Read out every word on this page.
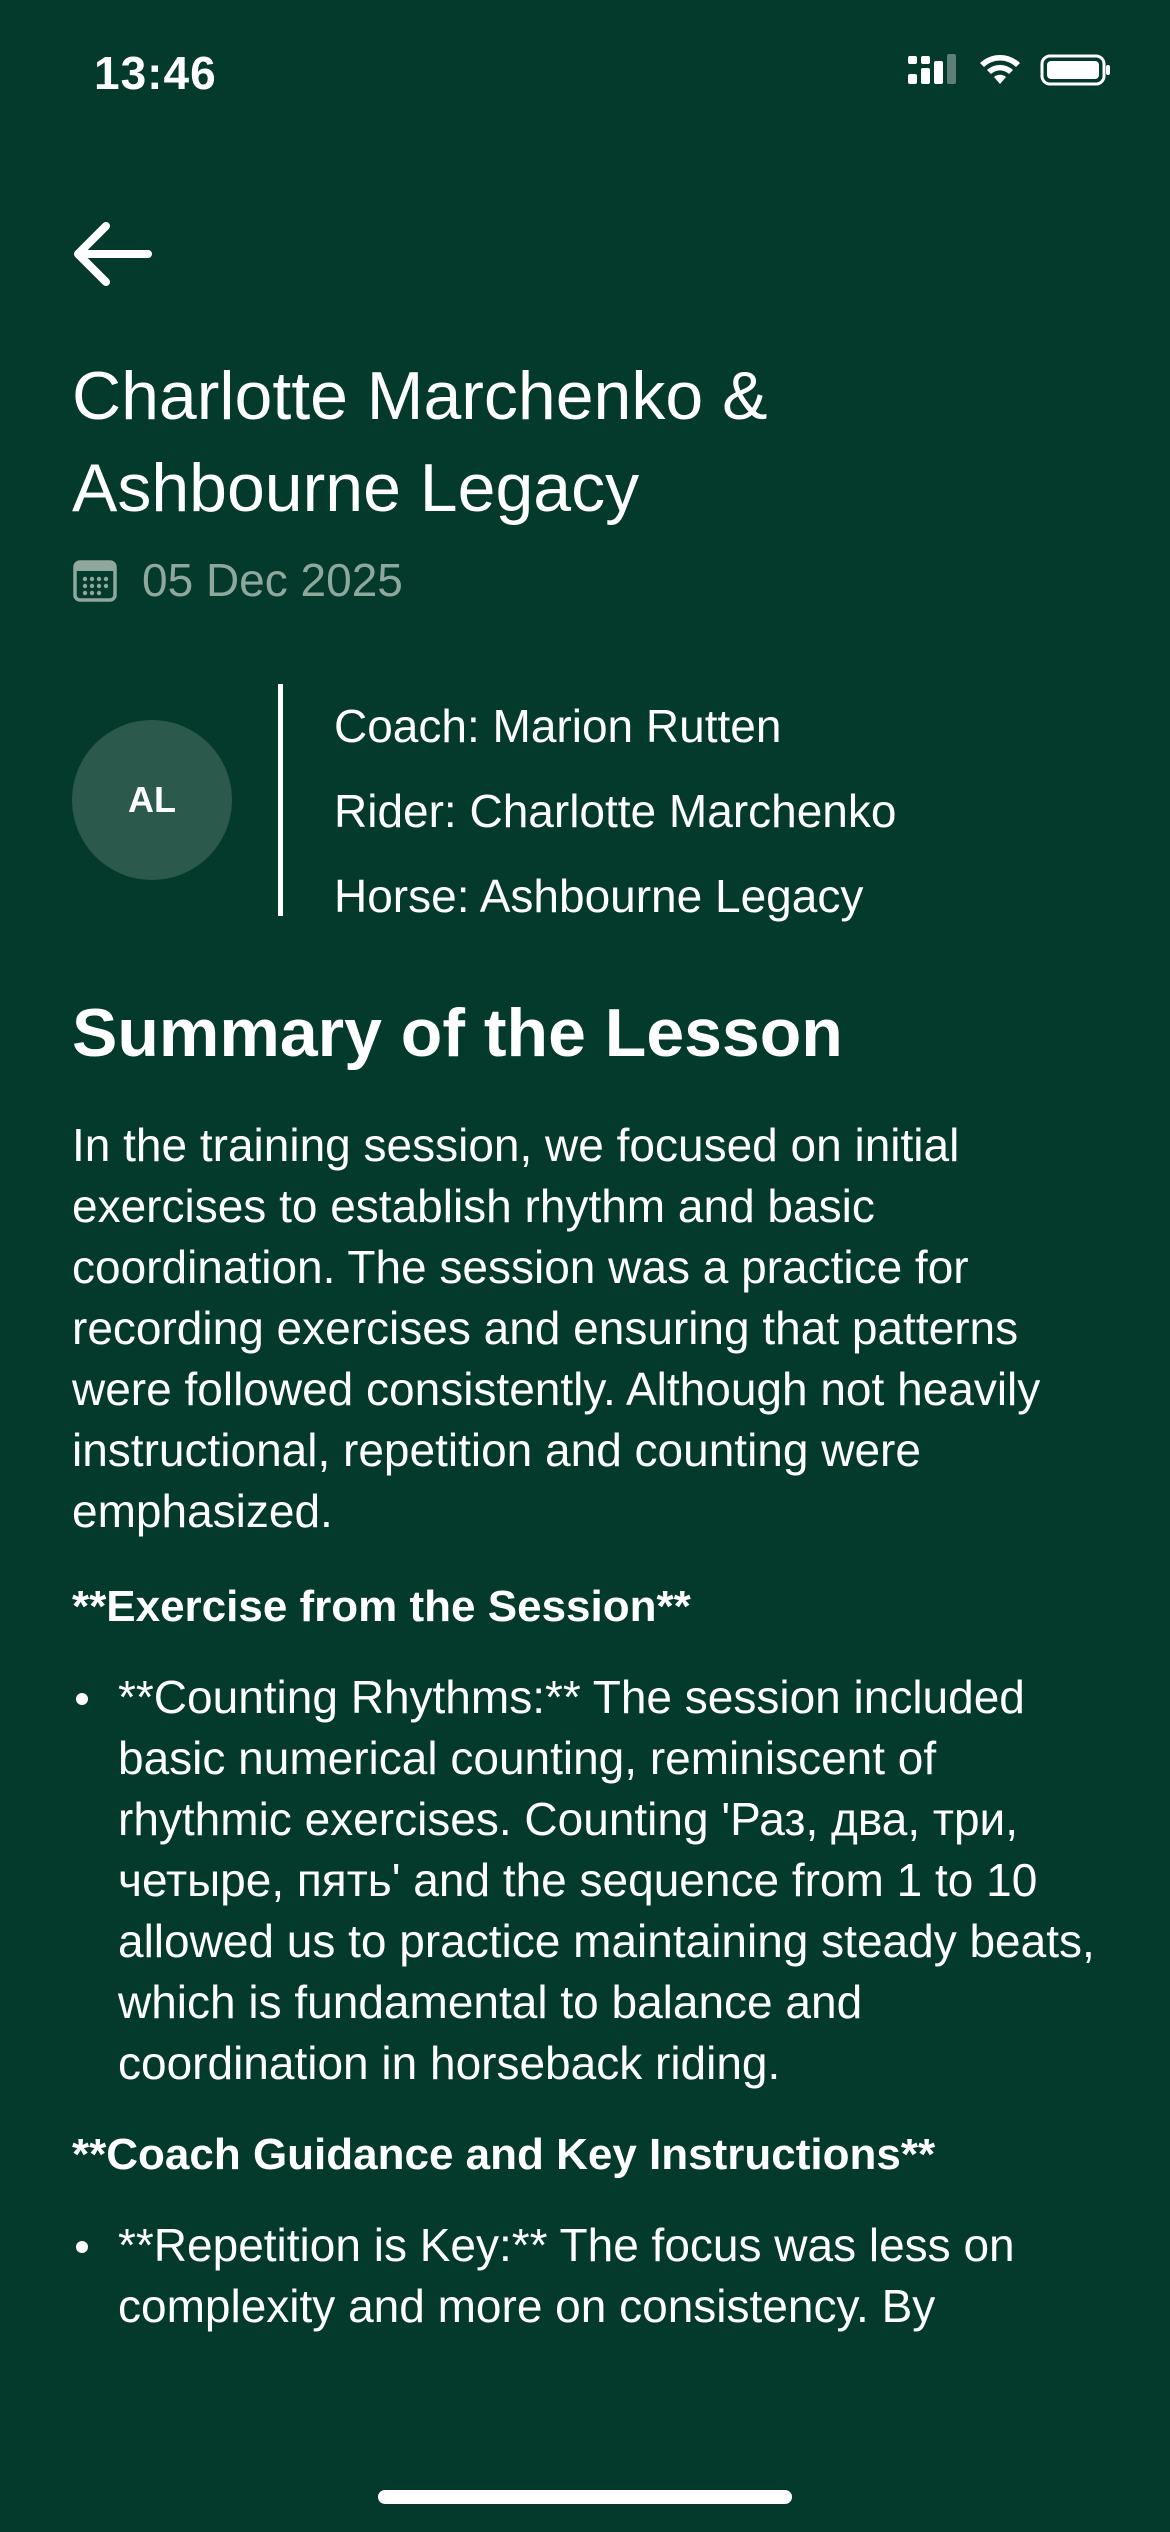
13:46
Charlotte Marchenko & Ashbourne Legacy
05 Dec 2025
AL

Coach: Marion Rutten

Rider: Charlotte Marchenko

Horse: Ashbourne Legacy

Summary of the Lesson

In the training session, we focused on initial exercises to establish rhythm and basic coordination. The session was a practice for recording exercises and ensuring that patterns were followed consistently. Although not heavily instructional, repetition and counting were emphasized.

**Exercise from the Session**

**Counting Rhythms:** The session included basic numerical counting, reminiscent of rhythmic exercises. Counting 'Раз, два, три, четыре, пять' and the sequence from 1 to 10 allowed us to practice maintaining steady beats, which is fundamental to balance and coordination in horseback riding.

**Coach Guidance and Key Instructions**

**Repetition is Key:** The focus was less on complexity and more on consistency. By
